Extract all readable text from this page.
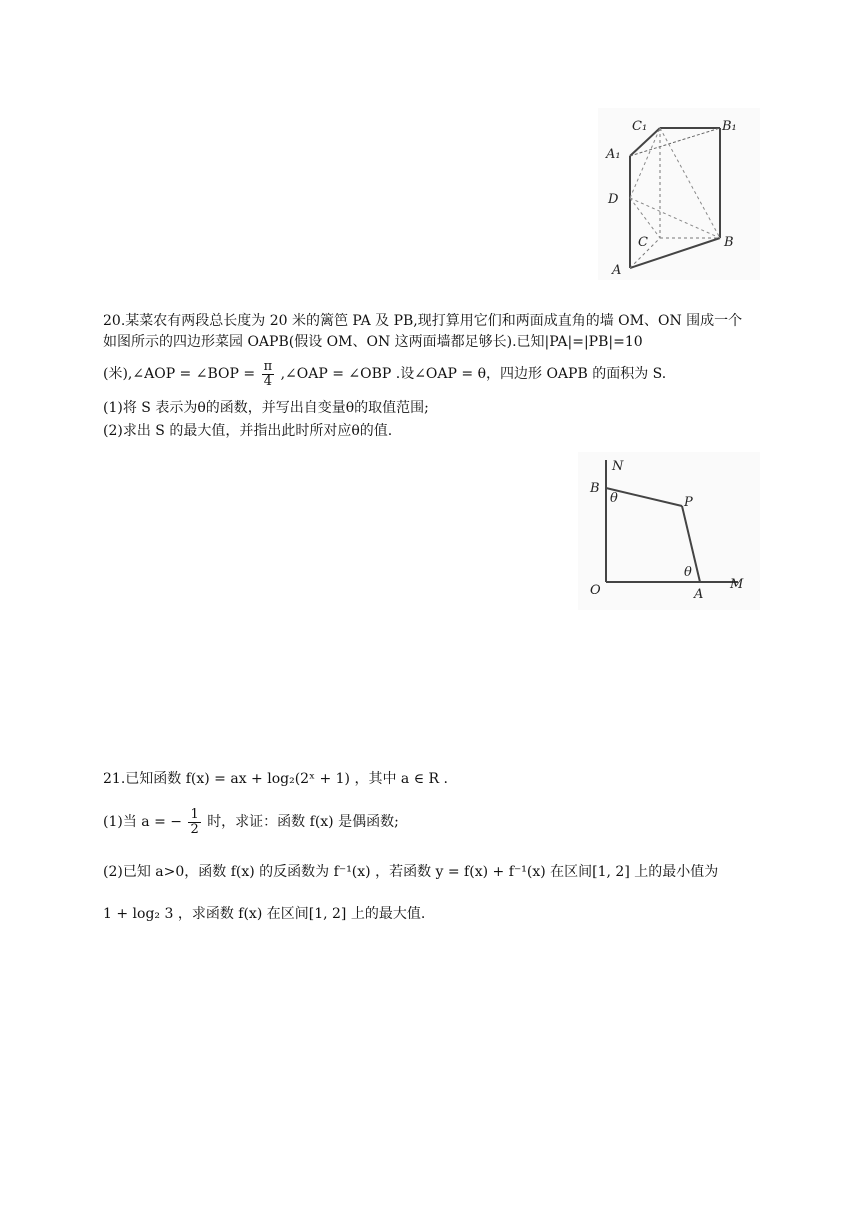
C₁	B₁
A₁
D
C	B
A
20.某菜农有两段总长度为 20 米的篱笆 PA 及 PB,现打算用它们和两面成直角的墙 OM、ON 围成一个
如图所示的四边形菜园 OAPB(假设 OM、ON 这两面墙都足够长).已知|PA|=|PB|=10
(米),∠AOP = ∠BOP = $\frac{\pi}{4}$ ,∠OAP = ∠OBP .设∠OAP = θ，四边形 OAPB 的面积为 S.
(1)将 S 表示为θ的函数，并写出自变量θ的取值范围;
(2)求出 S 的最大值，并指出此时所对应θ的值.
N
B
θ	P
θ
O	A
M
21.已知函数 f(x) = ax + log₂(2ˣ + 1) ，其中 a ∈ R .
(1)当 a = − $\frac{1}{2}$ 时，求证：函数 f(x) 是偶函数;
(2)已知 a>0，函数 f(x) 的反函数为 f⁻¹(x) ，若函数 y = f(x) + f⁻¹(x) 在区间[1, 2] 上的最小值为
1 + log₂ 3 ，求函数 f(x) 在区间[1, 2] 上的最大值.
